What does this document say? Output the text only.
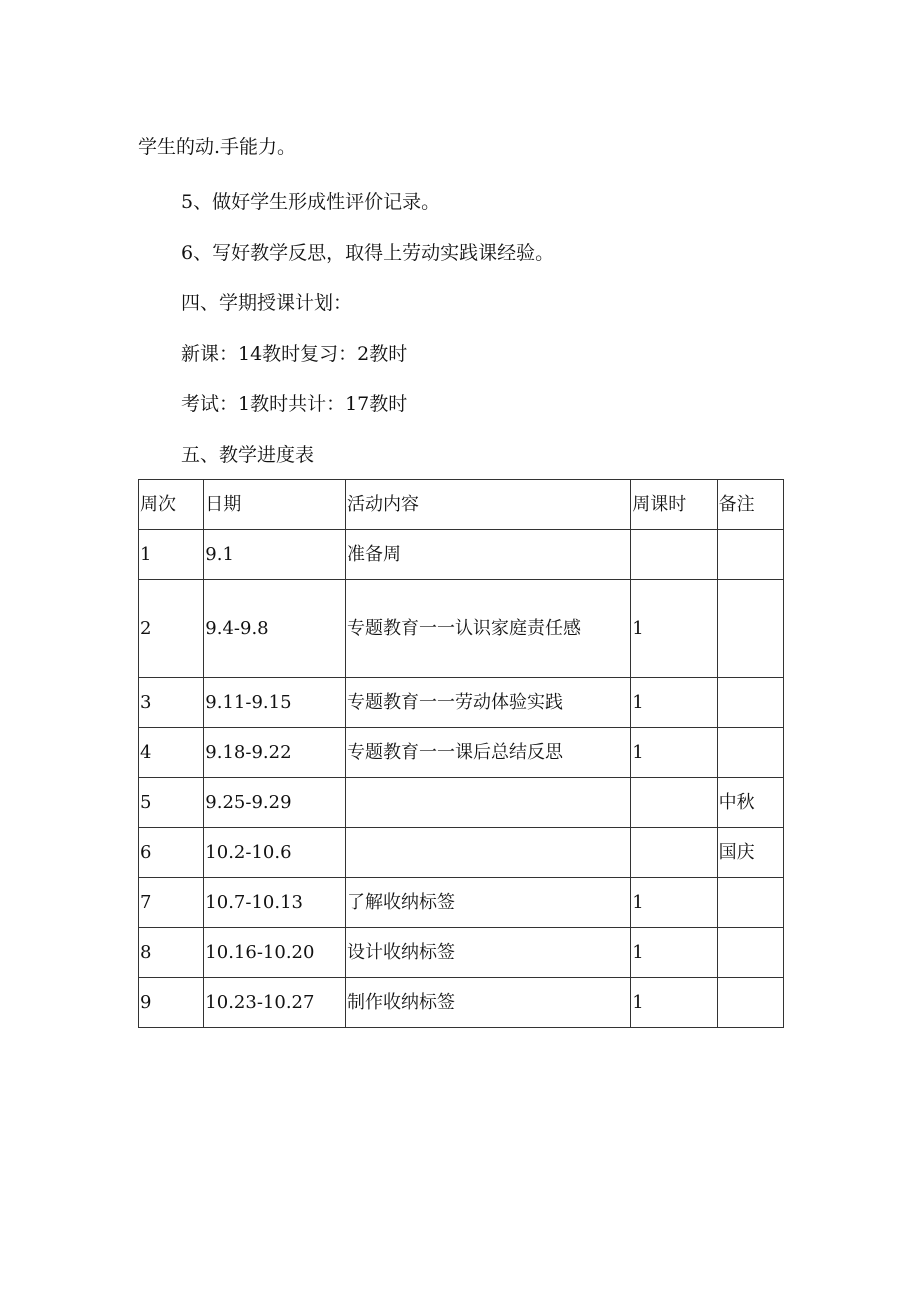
学生的动.手能力。

5、做好学生形成性评价记录。

6、写好教学反思，取得上劳动实践课经验。

四、学期授课计划：

新课：14教时复习：2教时

考试：1教时共计：17教时

五、教学进度表

周次	日期	活动内容	周课时	备注
1	9.1	准备周		
2	9.4-9.8	专题教育一一认识家庭责任感	1	
3	9.11-9.15	专题教育一一劳动体验实践	1	
4	9.18-9.22	专题教育一一课后总结反思	1	
5	9.25-9.29			中秋
6	10.2-10.6			国庆
7	10.7-10.13	了解收纳标签	1	
8	10.16-10.20	设计收纳标签	1	
9	10.23-10.27	制作收纳标签	1	
